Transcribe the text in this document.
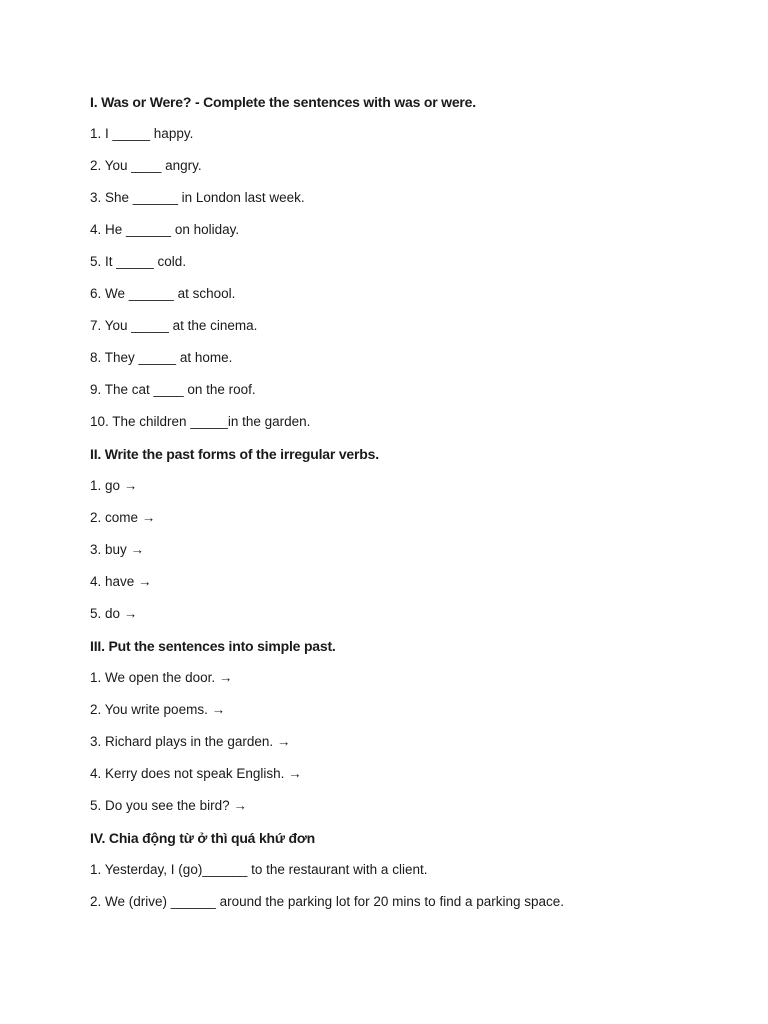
I. Was or Were? - Complete the sentences with was or were.
1. I _____ happy.
2. You ____ angry.
3. She ______ in London last week.
4. He ______ on holiday.
5. It _____ cold.
6. We ______ at school.
7. You _____ at the cinema.
8. They _____ at home.
9. The cat ____ on the roof.
10. The children _____in the garden.
II. Write the past forms of the irregular verbs.
1. go →
2. come →
3. buy →
4. have →
5. do →
III. Put the sentences into simple past.
1. We open the door. →
2. You write poems. →
3. Richard plays in the garden. →
4. Kerry does not speak English. →
5. Do you see the bird? →
IV. Chia động từ ở thì quá khứ đơn
1. Yesterday, I (go)______ to the restaurant with a client.
2. We (drive) ______ around the parking lot for 20 mins to find a parking space.
